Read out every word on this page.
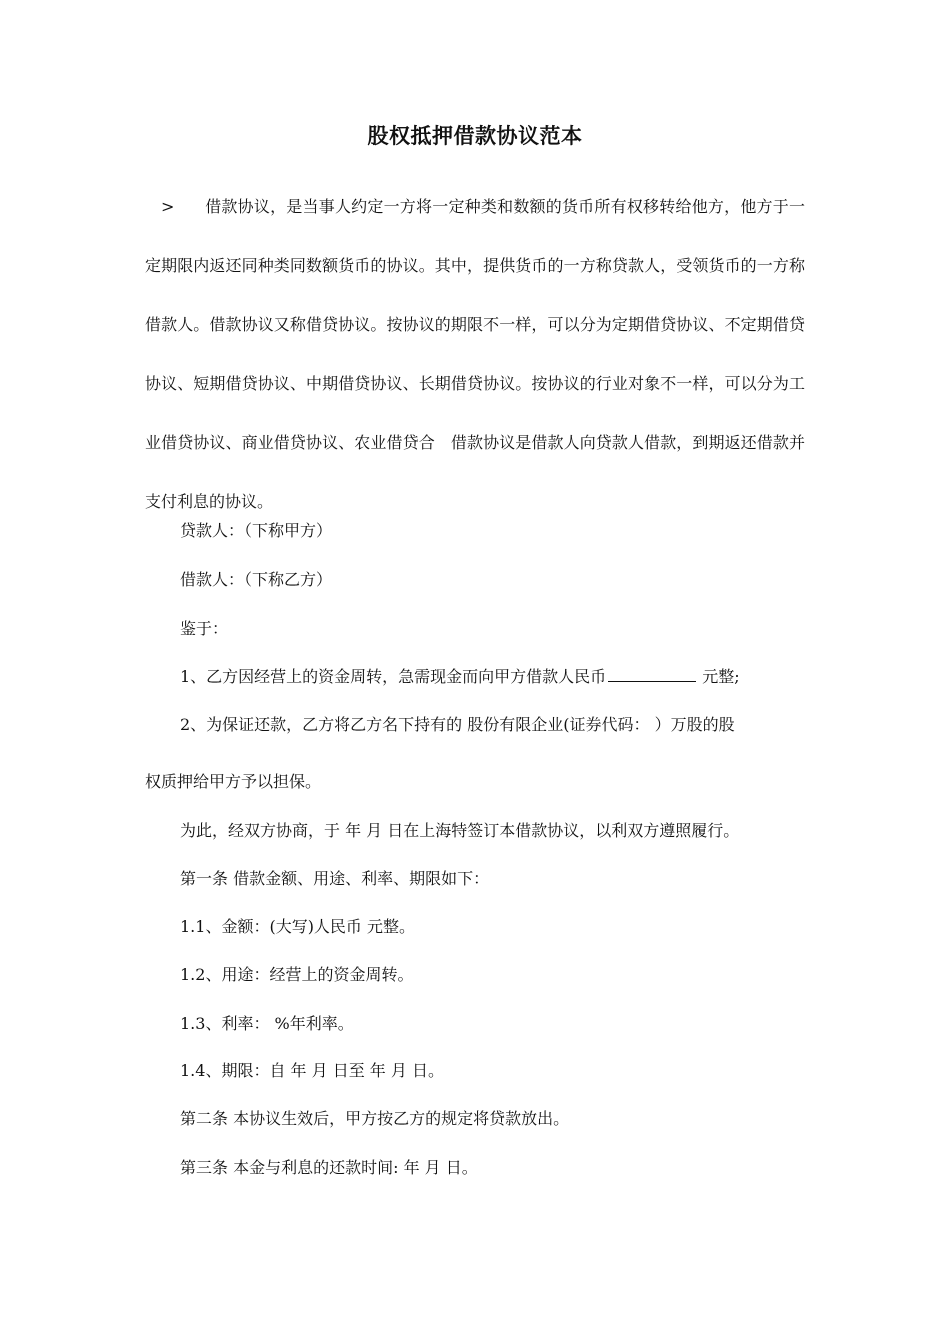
股权抵押借款协议范本

> 借款协议，是当事人约定一方将一定种类和数额的货币所有权移转给他方，他方于一定期限内返还同种类同数额货币的协议。其中，提供货币的一方称贷款人，受领货币的一方称借款人。借款协议又称借贷协议。按协议的期限不一样，可以分为定期借贷协议、不定期借贷协议、短期借贷协议、中期借贷协议、长期借贷协议。按协议的行业对象不一样，可以分为工业借贷协议、商业借贷协议、农业借贷合　借款协议是借款人向贷款人借款，到期返还借款并支付利息的协议。

贷款人：（下称甲方）

借款人：（下称乙方）

鉴于：

1、乙方因经营上的资金周转，急需现金而向甲方借款人民币	元整;

2、为保证还款，乙方将乙方名下持有的 股份有限企业(证券代码： ）万股的股

权质押给甲方予以担保。

为此，经双方协商，于 年 月 日在上海特签订本借款协议，以利双方遵照履行。

第一条 借款金额、用途、利率、期限如下：

1.1、金额：(大写)人民币 元整。

1.2、用途：经营上的资金周转。

1.3、利率： %年利率。

1.4、期限：自 年 月 日至 年 月 日。

第二条 本协议生效后，甲方按乙方的规定将贷款放出。

第三条 本金与利息的还款时间: 年 月 日。
